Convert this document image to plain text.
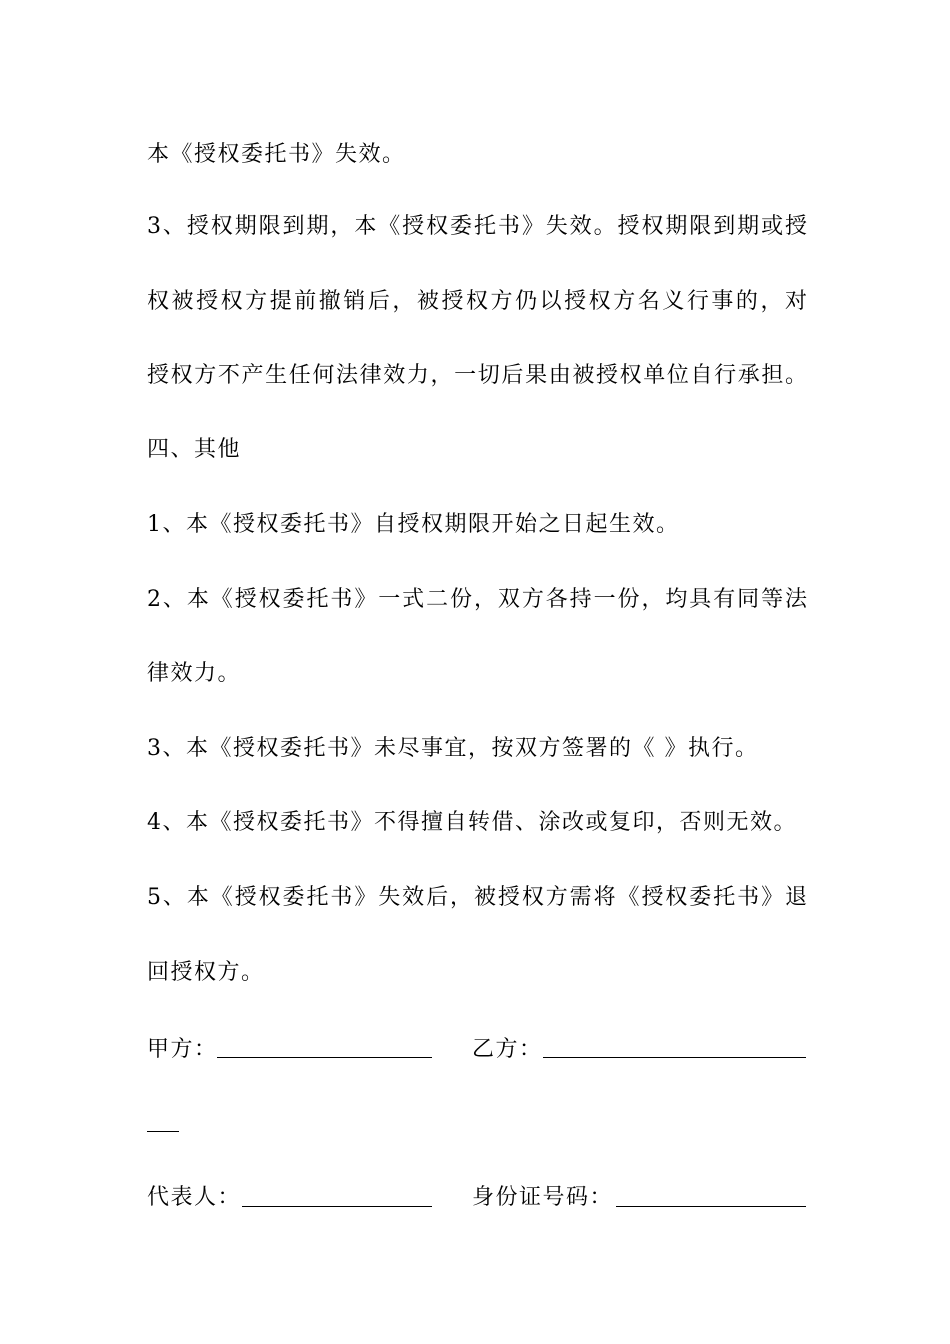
本《授权委托书》失效。
3、授权期限到期，本《授权委托书》失效。授权期限到期或授
权被授权方提前撤销后，被授权方仍以授权方名义行事的，对
授权方不产生任何法律效力，一切后果由被授权单位自行承担。
四、其他
1、本《授权委托书》自授权期限开始之日起生效。
2、本《授权委托书》一式二份，双方各持一份，均具有同等法
律效力。
3、本《授权委托书》未尽事宜，按双方签署的《 》执行。
4、本《授权委托书》不得擅自转借、涂改或复印，否则无效。
5、本《授权委托书》失效后，被授权方需将《授权委托书》退
回授权方。
甲方：	乙方：
代表人：	身份证号码：
